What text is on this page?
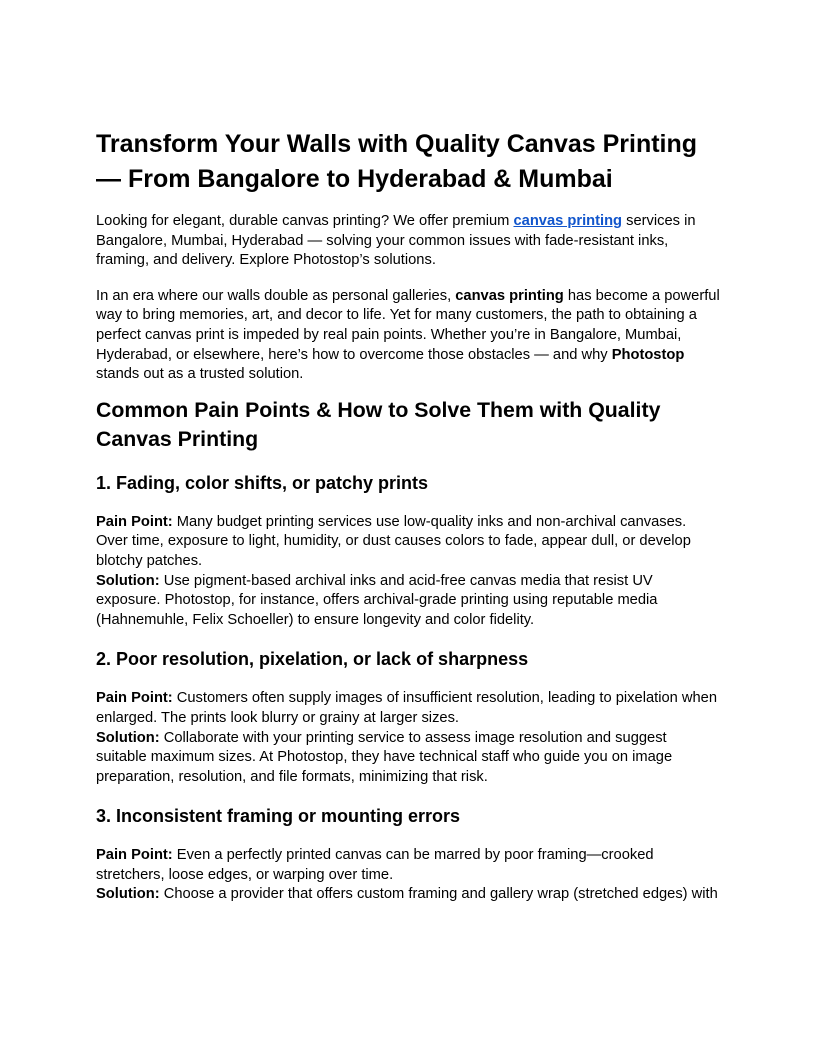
Transform Your Walls with Quality Canvas Printing — From Bangalore to Hyderabad & Mumbai

Looking for elegant, durable canvas printing? We offer premium canvas printing services in Bangalore, Mumbai, Hyderabad — solving your common issues with fade-resistant inks, framing, and delivery. Explore Photostop’s solutions.

In an era where our walls double as personal galleries, canvas printing has become a powerful way to bring memories, art, and decor to life. Yet for many customers, the path to obtaining a perfect canvas print is impeded by real pain points. Whether you’re in Bangalore, Mumbai, Hyderabad, or elsewhere, here’s how to overcome those obstacles — and why Photostop stands out as a trusted solution.

Common Pain Points & How to Solve Them with Quality Canvas Printing
1. Fading, color shifts, or patchy prints

Pain Point: Many budget printing services use low-quality inks and non-archival canvases. Over time, exposure to light, humidity, or dust causes colors to fade, appear dull, or develop blotchy patches.

Solution: Use pigment-based archival inks and acid-free canvas media that resist UV exposure. Photostop, for instance, offers archival-grade printing using reputable media (Hahnemuhle, Felix Schoeller) to ensure longevity and color fidelity.

2. Poor resolution, pixelation, or lack of sharpness

Pain Point: Customers often supply images of insufficient resolution, leading to pixelation when enlarged. The prints look blurry or grainy at larger sizes.

Solution: Collaborate with your printing service to assess image resolution and suggest suitable maximum sizes. At Photostop, they have technical staff who guide you on image preparation, resolution, and file formats, minimizing that risk.

3. Inconsistent framing or mounting errors

Pain Point: Even a perfectly printed canvas can be marred by poor framing—crooked stretchers, loose edges, or warping over time.

Solution: Choose a provider that offers custom framing and gallery wrap (stretched edges) with
